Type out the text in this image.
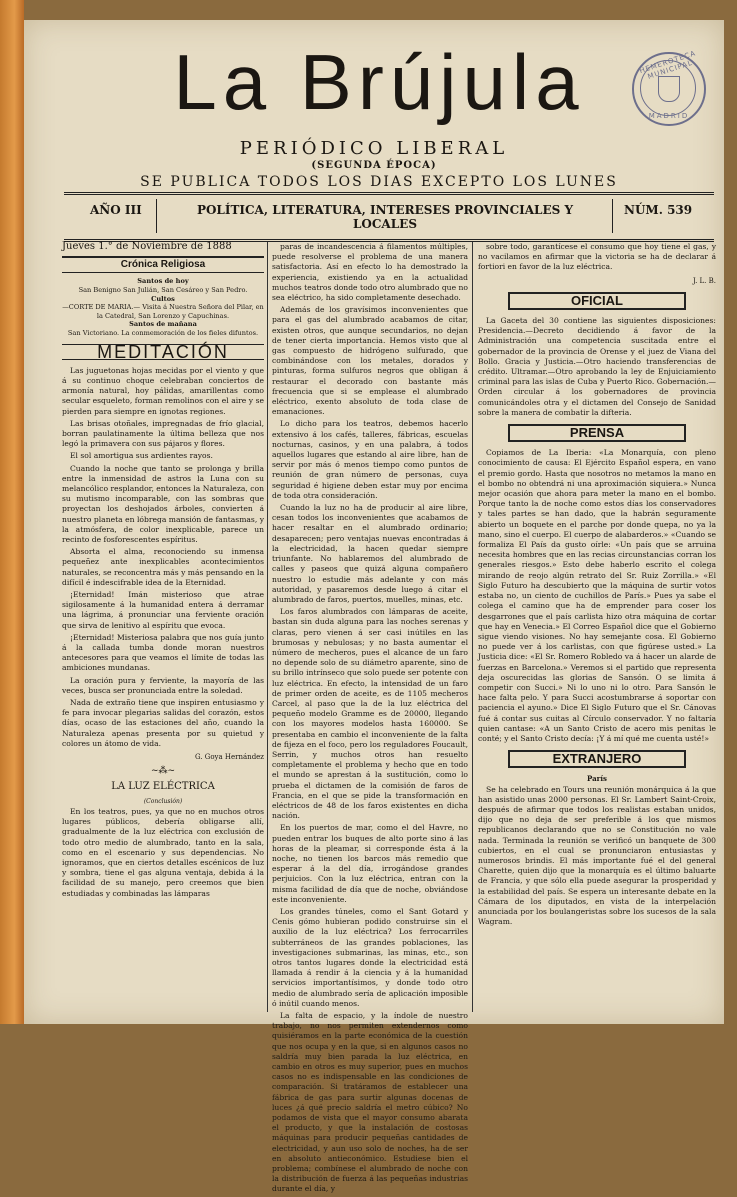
La Brújula	HEMEROTECA MUNICIPAL
MADRID
PERIÓDICO LIBERAL
(SEGUNDA ÉPOCA)
SE PUBLICA TODOS LOS DIAS EXCEPTO LOS LUNES
AÑO III	POLÍTICA, LITERATURA, INTERESES PROVINCIALES Y LOCALES
NÚM. 539
Jueves 1.° de Noviembre de 1888
Crónica Religiosa
Santos de hoy
San Benigno San Julián, San Cesáreo y San Pedro.
Cultos
—CORTE DE MARIA.— Visita á Nuestra Señora del Pilar, en la Catedral, San Lorenzo y Capuchinas.
Santos de mañana
San Victoriano. La conmemoración de los fieles difuntos.
MEDITACIÓN

Las juguetonas hojas mecidas por el viento y que á su continuo choque celebraban conciertos de armonía natural, hoy pálidas, amarillentas como secular esqueleto, forman remolinos con el aire y se pierden para siempre en ignotas regiones.

Las brisas otoñales, impregnadas de frío glacial, borran paulatinamente la última belleza que nos legó la primavera con sus pájaros y flores.

El sol amortigua sus ardientes rayos.

Cuando la noche que tanto se prolonga y brilla entre la inmensidad de astros la Luna con su melancólico resplandor, entonces la Naturaleza, con su mutismo incomparable, con las sombras que proyectan los deshojados árboles, convierten á nuestro planeta en lóbrega mansión de fantasmas, y la atmósfera, de color inexplicable, parece un recinto de fosforescentes espíritus.

Absorta el alma, reconociendo su inmensa pequeñez ante inexplicables acontecimientos naturales, se reconcentra más y más pensando en la difícil é indescifrable idea de la Eternidad.

¡Eternidad! Imán misterioso que atrae sigilosamente á la humanidad entera á derramar una lágrima, á pronunciar una ferviente oración que sirva de lenitivo al espíritu que evoca.

¡Eternidad! Misteriosa palabra que nos guía junto á la callada tumba donde moran nuestros antecesores para que veamos el límite de todas las ambiciones mundanas.

La oración pura y ferviente, la mayoría de las veces, busca ser pronunciada entre la soledad.

Nada de extraño tiene que inspiren entusiasmo y fe para invocar plegarias salidas del corazón, estos días, ocaso de las estaciones del año, cuando la Naturaleza apenas presenta por su quietud y colores un átomo de vida.

G. Goya Hernández
~⁂~
LA LUZ ELÉCTRICA
(Conclusión)

En los teatros, pues, ya que no en muchos otros lugares públicos, debería obligarse allí, gradualmente de la luz eléctrica con exclusión de todo otro medio de alumbrado, tanto en la sala, como en el escenario y sus dependencias. No ignoramos, que en ciertos detalles escénicos de luz y sombra, tiene el gas alguna ventaja, debida á la facilidad de su manejo, pero creemos que bien estudiadas y combinadas las lámparas

paras de incandescencia á filamentos múltiples, puede resolverse el problema de una manera satisfactoria. Así en efecto lo ha demostrado la experiencia, existiendo ya en la actualidad muchos teatros donde todo otro alumbrado que no sea eléctrico, ha sido completamente desechado.

Además de los gravísimos inconvenientes que para el gas del alumbrado acabamos de citar, existen otros, que aunque secundarios, no dejan de tener cierta importancia. Hemos visto que al gas compuesto de hidrógeno sulfurado, que combinándose con los metales, dorados y pinturas, forma sulfuros negros que obligan á restaurar el decorado con bastante más frecuencia que si se emplease el alumbrado eléctrico, exento absoluto de toda clase de emanaciones.

Lo dicho para los teatros, debemos hacerlo extensivo á los cafés, talleres, fábricas, escuelas nocturnas, casinos, y en una palabra, á todos aquellos lugares que estando al aire libre, han de servir por más ó menos tiempo como puntos de reunión de gran número de personas, cuya seguridad é higiene deben estar muy por encima de toda otra consideración.

Cuando la luz no ha de producir al aire libre, cesan todos los inconvenientes que acabamos de hacer resaltar en el alumbrado ordinario; desaparecen; pero ventajas nuevas encontradas á la electricidad, la hacen quedar siempre triunfante. No hablaremos del alumbrado de calles y paseos que quizá alguna compañero nuestro lo estudie más adelante y con más autoridad, y pasaremos desde luego á citar el alumbrado de faros, puertos, muelles, minas, etc.

Los faros alumbrados con lámparas de aceite, bastan sin duda alguna para las noches serenas y claras, pero vienen á ser casi inútiles en las brumosas y nebulosas; y no basta aumentar el número de mecheros, pues el alcance de un faro no depende solo de su diámetro aparente, sino de su brillo intrínseco que solo puede ser potente con luz eléctrica. En efecto, la intensidad de un faro de primer orden de aceite, es de 1105 mecheros Carcel, al paso que la de la luz eléctrica del pequeño modelo Gramme es de 20000, llegando con los mayores modelos hasta 160000. Se presentaba en cambio el inconveniente de la falta de fijeza en el foco, pero los reguladores Foucault, Serrin, y muchos otros han resuelto completamente el problema y hecho que en todo el mundo se aprestan á la sustitución, como lo prueba el dictamen de la comisión de faros de Francia, en el que se pide la transformación en eléctricos de 48 de los faros existentes en dicha nación.

En los puertos de mar, como el del Havre, no pueden entrar los buques de alto porte sino á las horas de la pleamar, si corresponde ésta á la noche, no tienen los barcos más remedio que esperar á la del día, irrogándose grandes perjuicios. Con la luz eléctrica, entran con la misma facilidad de día que de noche, obviándose este inconveniente.

Los grandes túneles, como el Sant Gotard y Cenis gómo hubieran podido construirse sin el auxilio de la luz eléctrica? Los ferrocarriles subterráneos de las grandes poblaciones, las investigaciones submarinas, las minas, etc., son otros tantos lugares donde la electricidad está llamada á rendir á la ciencia y á la humanidad servicios importantísimos, y donde todo otro medio de alumbrado sería de aplicación imposible ó inútil cuando menos.

La falta de espacio, y la índole de nuestro trabajo, no nos permiten extendernos como quisiéramos en la parte económica de la cuestión que nos ocupa y en la que, si en algunos casos no saldría muy bien parada la luz eléctrica, en cambio en otros es muy superior, pues en muchos casos no es indispensable en las condiciones de comparación. Si tratáramos de establecer una fábrica de gas para surtir algunas docenas de luces ¿á qué precio saldría el metro cúbico? No podamos de vista que el mayor consumo abarata el producto, y que la instalación de costosas máquinas para producir pequeñas cantidades de electricidad, y aun uso solo de noches, ha de ser en absoluto antieconómico. Estudiese bien el problema; combínese el alumbrado de noche con la distribución de fuerza á las pequeñas industrias durante el día, y

sobre todo, garantícese el consumo que hoy tiene el gas, y no vacilamos en afirmar que la victoria se ha de declarar á fortiori en favor de la luz eléctrica.

J. L. B.
OFICIAL

La Gaceta del 30 contiene las siguientes disposiciones: Presidencia.—Decreto decidiendo á favor de la Administración una competencia suscitada entre el gobernador de la provincia de Orense y el juez de Viana del Bollo. Gracia y Justicia.—Otro haciendo transferencias de crédito. Ultramar.—Otro aprobando la ley de Enjuiciamiento criminal para las islas de Cuba y Puerto Rico. Gobernación.—Orden circular á los gobernadores de provincia comunicándoles otra y el dictamen del Consejo de Sanidad sobre la manera de combatir la difteria.

PRENSA

Copiamos de La Iberia: «La Monarquía, con pleno conocimiento de causa: El Ejército Español espera, en vano el premio gordo. Hasta que nosotros no metamos la mano en el bombo no obtendrá ni una aproximación siquiera.» Nunca mejor ocasión que ahora para meter la mano en el bombo. Porque tanto la de noche como estos días los conservadores y tales partes se han dado, que la habrán seguramente abierto un boquete en el parche por donde quepa, no ya la mano, sino el cuerpo. El cuerpo de alabarderos.» «Cuando se formaliza El País da gusto oírle: «Un país que se arruina necesita hombres que en las recias circunstancias corran los generales riesgos.» Esto debe haberlo escrito el colega mirando de reojo algún retrato del Sr. Ruiz Zorrilla.» «El Siglo Futuro ha descubierto que la máquina de surtir votos estaba no, un ciento de cuchillos de París.» Pues ya sabe el colega el camino que ha de emprender para coser los desgarrones que el país carlista hizo otra máquina de cortar que hay en Venecia.» El Correo Español dice que el Gobierno sigue viendo visiones. No hay semejante cosa. El Gobierno no puede ver á los carlistas, con que figúrese usted.» La Justicia dice: «El Sr. Romero Robledo va á hacer un alarde de fuerzas en Barcelona.» Veremos si el partido que representa deja oscurecidas las glorias de Sansón. O se limita á competir con Succi.» Ni lo uno ni lo otro. Para Sansón le hace falta pelo. Y para Succi acostumbrarse á soportar con paciencia el ayuno.» Dice El Siglo Futuro que el Sr. Cánovas fué á contar sus cuitas al Círculo conservador. Y no faltaría quien cantase: «A un Santo Cristo de acero mis penitas le conté; y el Santo Cristo decía: ¡Y á mí qué me cuenta usté!»

EXTRANJERO
París

Se ha celebrado en Tours una reunión monárquica á la que han asistido unas 2000 personas. El Sr. Lambert Saint-Croix, después de afirmar que todos los realistas estaban unidos, dijo que no deja de ser preferible á los que mismos republicanos declarando que no se Constitución no vale nada. Terminada la reunión se verificó un banquete de 300 cubiertos, en el cual se pronunciaron entusiastas y numerosos brindis. El más importante fué el del general Charette, quien dijo que la monarquía es el último baluarte de Francia, y que sólo ella puede asegurar la prosperidad y la estabilidad del país. Se espera un interesante debate en la Cámara de los diputados, en vista de la interpelación anunciada por los boulangeristas sobre los sucesos de la sala Wagram.
